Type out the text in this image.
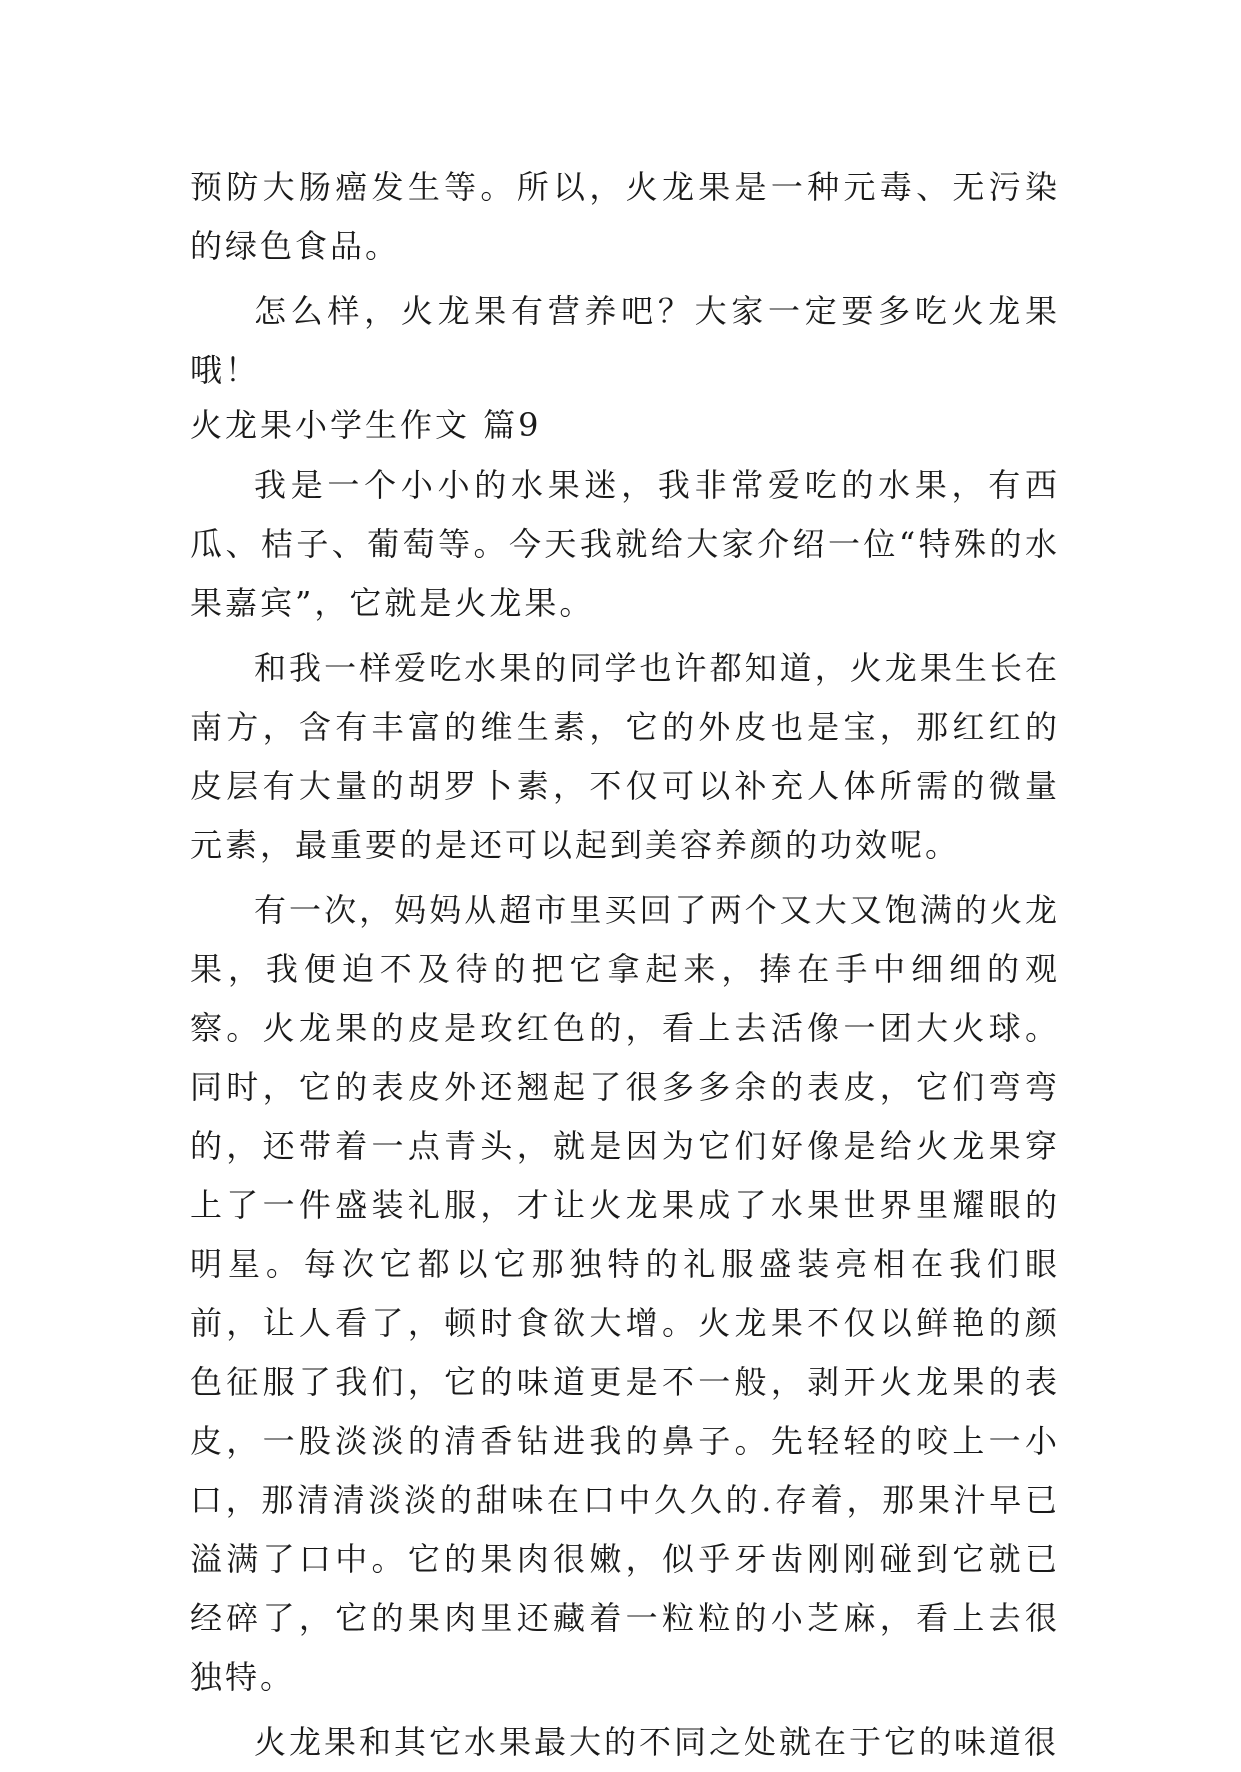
预防大肠癌发生等。所以，火龙果是一种元毒、无污染的绿色食品。

怎么样，火龙果有营养吧？大家一定要多吃火龙果哦！

火龙果小学生作文 篇9

我是一个小小的水果迷，我非常爱吃的水果，有西瓜、桔子、葡萄等。今天我就给大家介绍一位“特殊的水果嘉宾”，它就是火龙果。

和我一样爱吃水果的同学也许都知道，火龙果生长在南方，含有丰富的维生素，它的外皮也是宝，那红红的皮层有大量的胡罗卜素，不仅可以补充人体所需的微量元素，最重要的是还可以起到美容养颜的功效呢。

有一次，妈妈从超市里买回了两个又大又饱满的火龙果，我便迫不及待的把它拿起来，捧在手中细细的观察。火龙果的皮是玫红色的，看上去活像一团大火球。同时，它的表皮外还翘起了很多多余的表皮，它们弯弯的，还带着一点青头，就是因为它们好像是给火龙果穿上了一件盛装礼服，才让火龙果成了水果世界里耀眼的明星。每次它都以它那独特的礼服盛装亮相在我们眼前，让人看了，顿时食欲大增。火龙果不仅以鲜艳的颜色征服了我们，它的味道更是不一般，剥开火龙果的表皮，一股淡淡的清香钻进我的鼻子。先轻轻的咬上一小口，那清清淡淡的甜味在口中久久的.存着，那果汁早已溢满了口中。它的果肉很嫩，似乎牙齿刚刚碰到它就已经碎了，它的果肉里还藏着一粒粒的小芝麻，看上去很独特。

火龙果和其它水果最大的不同之处就在于它的味道很
